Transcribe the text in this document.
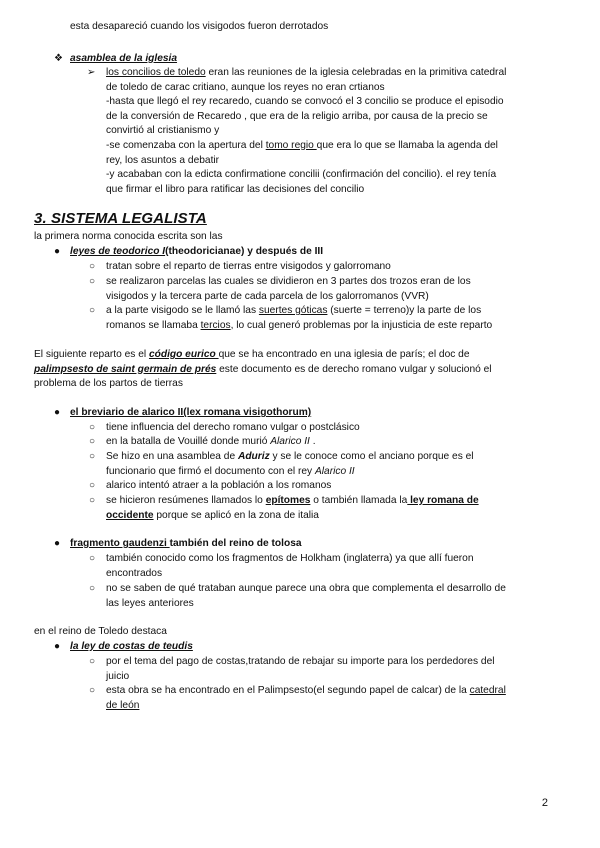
esta desapareció cuando los visigodos fueron derrotados

❖ asamblea de la iglesia

➢ los concilios de toledo eran las reuniones de la iglesia celebradas en la primitiva catedral

de toledo de carac critiano, aunque los reyes no eran crtianos

-hasta que llegó el rey recaredo, cuando se convocó el 3 concilio se produce el episodio

de la conversión de Recaredo , que era de la religio arriba, por causa de la precio se

convirtió al cristianismo y

-se comenzaba con la apertura del tomo regio que era lo que se llamaba la agenda del

rey, los asuntos a debatir

-y acababan con la edicta confirmatione concilii (confirmación del concilio). el rey tenía

que firmar el libro para ratificar las decisiones del concilio

3. SISTEMA LEGALISTA

la primera norma conocida escrita son las

● leyes de teodorico I(theodoricianae) y después de III

○ tratan sobre el reparto de tierras entre visigodos y galorromano

○ se realizaron parcelas las cuales se dividieron en 3 partes dos trozos eran de los

visigodos y la tercera parte de cada parcela de los galorromanos (VVR)

○ a la parte visigodo se le llamó las suertes góticas (suerte = terreno)y la parte de los

romanos se llamaba tercios, lo cual generó problemas por la injusticia de este reparto

El siguiente reparto es el código eurico que se ha encontrado en una iglesia de parís; el doc de

palimpsesto de saint germain de prés este documento es de derecho romano vulgar y solucionó el

problema de los partos de tierras

● el breviario de alarico II(lex romana visigothorum)

○ tiene influencia del derecho romano vulgar o postclásico

○ en la batalla de Vouillé donde murió Alarico II .

○ Se hizo en una asamblea de Aduriz y se le conoce como el anciano porque es el

funcionario que firmó el documento con el rey Alarico II

○ alarico intentó atraer a la población a los romanos

○ se hicieron resúmenes llamados lo epítomes o también llamada la ley romana de

occidente porque se aplicó en la zona de italia

● fragmento gaudenzi también del reino de tolosa

○ también conocido como los fragmentos de Holkham (inglaterra) ya que allí fueron

encontrados

○ no se saben de qué trataban aunque parece una obra que complementa el desarrollo de

las leyes anteriores

en el reino de Toledo destaca

● la ley de costas de teudis

○ por el tema del pago de costas,tratando de rebajar su importe para los perdedores del

juicio

○ esta obra se ha encontrado en el Palimpsesto(el segundo papel de calcar) de la catedral

de león

2
